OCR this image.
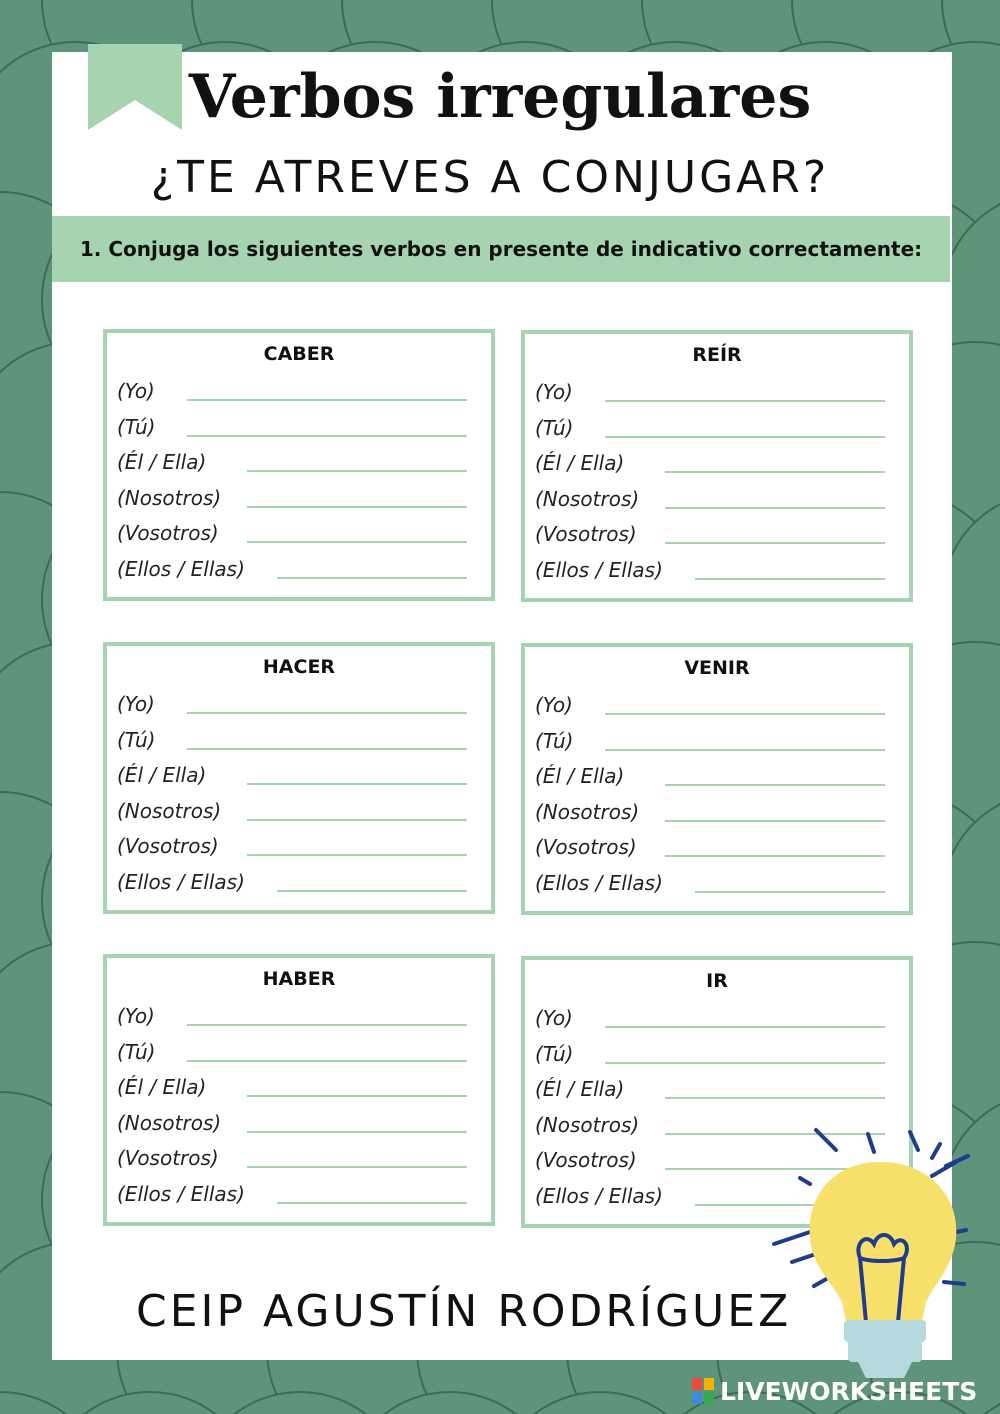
Verbos irregulares
¿TE ATREVES A CONJUGAR?
1. Conjuga los siguientes verbos en presente de indicativo correctamente:
CABER
(Yo)
(Tú)
(Él / Ella)
(Nosotros)
(Vosotros)
(Ellos / Ellas)
REÍR
(Yo)
(Tú)
(Él / Ella)
(Nosotros)
(Vosotros)
(Ellos / Ellas)
HACER
(Yo)
(Tú)
(Él / Ella)
(Nosotros)
(Vosotros)
(Ellos / Ellas)
VENIR
(Yo)
(Tú)
(Él / Ella)
(Nosotros)
(Vosotros)
(Ellos / Ellas)
HABER
(Yo)
(Tú)
(Él / Ella)
(Nosotros)
(Vosotros)
(Ellos / Ellas)
IR
(Yo)
(Tú)
(Él / Ella)
(Nosotros)
(Vosotros)
(Ellos / Ellas)
CEIP AGUSTÍN RODRÍGUEZ
LIVEWORKSHEETS
